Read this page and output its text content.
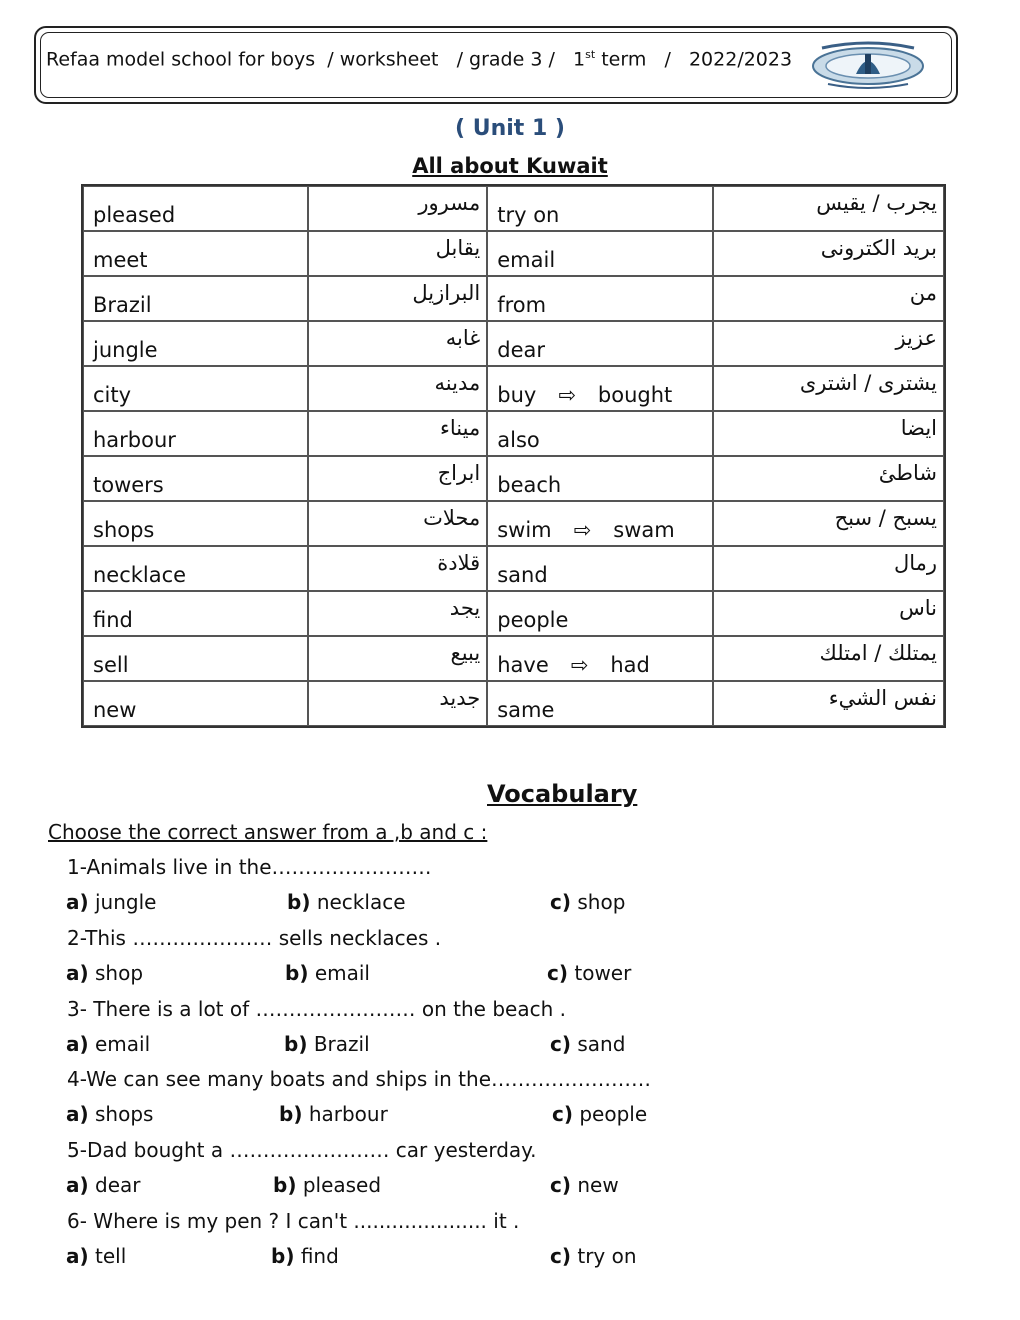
Refaa model school for boys  / worksheet   / grade 3 /   1st term   /   2022/2023
( Unit 1 )
All about Kuwait
pleased	مسرور	try on	يجرب / يقيس
meet	يقابل	email	بريد الكترونى
Brazil	البرازيل	from	من
jungle	غابه	dear	عزيز
city	مدينه	buy ⇨ bought	يشترى / اشترى
harbour	ميناء	also	ايضا
towers	ابراج	beach	شاطئ
shops	محلات	swim ⇨ swam	يسبح / سبح
necklace	قلادة	sand	رمال
find	يجد	people	ناس
sell	يبيع	have ⇨ had	يمتلك / امتلك
new	جديد	same	نفس الشيء
Vocabulary
Choose the correct answer from a ,b and c :
1-Animals live in the……………………
a) jungle	b) necklace	c) shop
2-This ………………… sells necklaces .
a) shop	b) email	c) tower
3- There is a lot of …………………… on the beach .
a) email	b) Brazil	c) sand
4-We can see many boats and ships in the……………………
a) shops	b) harbour	c) people
5-Dad bought a …………………… car yesterday.
a) dear	b) pleased	c) new
6- Where is my pen ? I can't ..................... it .
a) tell	b) find	c) try on
